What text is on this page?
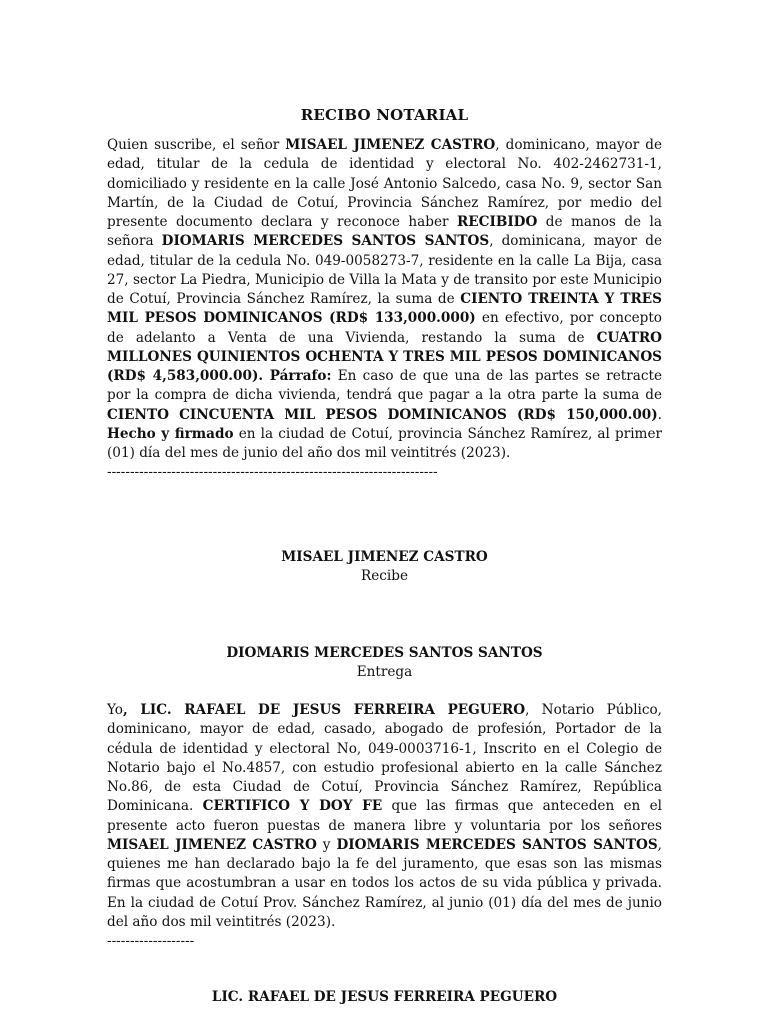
RECIBO NOTARIAL
Quien suscribe, el señor MISAEL JIMENEZ CASTRO, dominicano, mayor de edad, titular de la cedula de identidad y electoral No. 402-2462731-1, domiciliado y residente en la calle José Antonio Salcedo, casa No. 9, sector San Martín, de la Ciudad de Cotuí, Provincia Sánchez Ramírez, por medio del presente documento declara y reconoce haber RECIBIDO de manos de la señora DIOMARIS MERCEDES SANTOS SANTOS, dominicana, mayor de edad, titular de la cedula No. 049-0058273-7, residente en la calle La Bija, casa 27, sector La Piedra, Municipio de Villa la Mata y de transito por este Municipio de Cotuí, Provincia Sánchez Ramírez, la suma de CIENTO TREINTA Y TRES MIL PESOS DOMINICANOS (RD$ 133,000.000) en efectivo, por concepto de adelanto a Venta de una Vivienda, restando la suma de CUATRO MILLONES QUINIENTOS OCHENTA Y TRES MIL PESOS DOMINICANOS (RD$ 4,583,000.00). Párrafo: En caso de que una de las partes se retracte por la compra de dicha vivienda, tendrá que pagar a la otra parte la suma de CIENTO CINCUENTA MIL PESOS DOMINICANOS (RD$ 150,000.00). Hecho y firmado en la ciudad de Cotuí, provincia Sánchez Ramírez, al primer (01) día del mes de junio del año dos mil veintitrés (2023).
------------------------------------------------------------------------
MISAEL JIMENEZ CASTRO
Recibe
DIOMARIS MERCEDES SANTOS SANTOS
Entrega
Yo, LIC. RAFAEL DE JESUS FERREIRA PEGUERO, Notario Público, dominicano, mayor de edad, casado, abogado de profesión, Portador de la cédula de identidad y electoral No, 049-0003716-1, Inscrito en el Colegio de Notario bajo el No.4857, con estudio profesional abierto en la calle Sánchez No.86, de esta Ciudad de Cotuí, Provincia Sánchez Ramírez, República Dominicana. CERTIFICO Y DOY FE que las firmas que anteceden en el presente acto fueron puestas de manera libre y voluntaria por los señores MISAEL JIMENEZ CASTRO y DIOMARIS MERCEDES SANTOS SANTOS, quienes me han declarado bajo la fe del juramento, que esas son las mismas firmas que acostumbran a usar en todos los actos de su vida pública y privada. En la ciudad de Cotuí Prov. Sánchez Ramírez, al junio (01) día del mes de junio del año dos mil veintitrés (2023).
-------------------
LIC. RAFAEL DE JESUS FERREIRA PEGUERO
